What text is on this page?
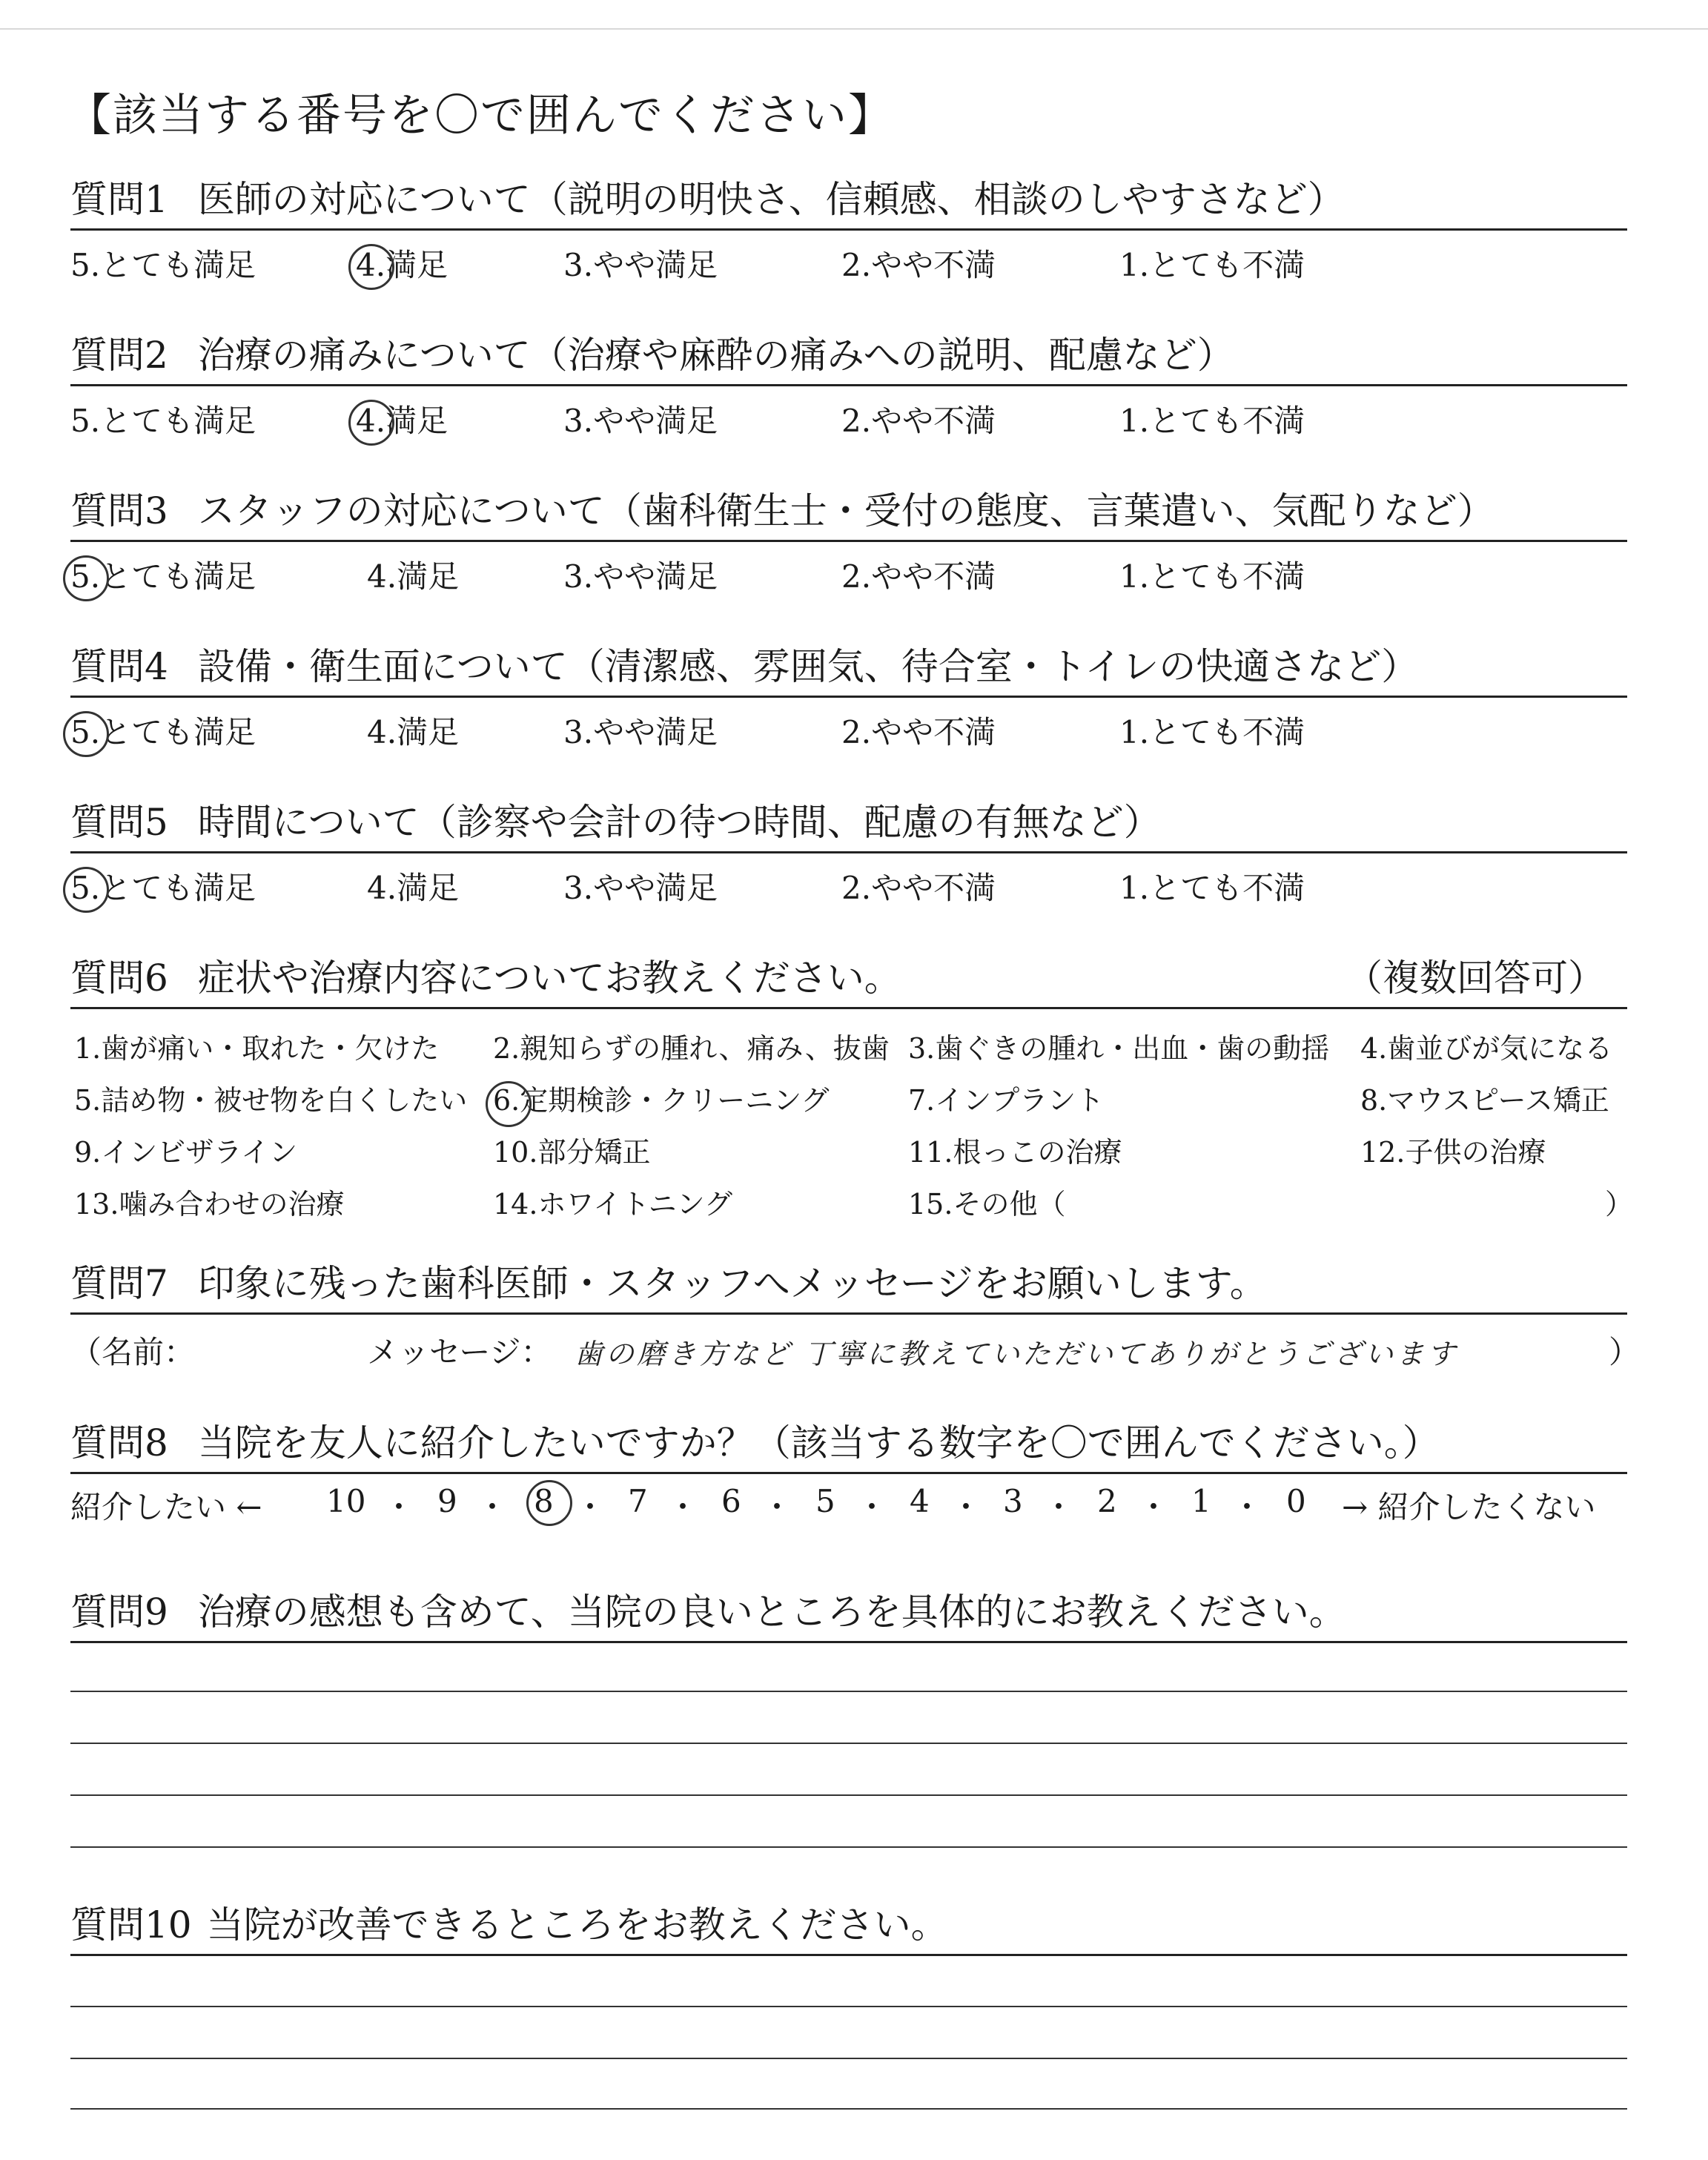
【該当する番号を〇で囲んでください】
質問1 医師の対応について（説明の明快さ、信頼感、相談のしやすさなど）
5.とても満足	4.満足	3.やや満足	2.やや不満	1.とても不満
質問2 治療の痛みについて（治療や麻酔の痛みへの説明、配慮など）
5.とても満足	4.満足	3.やや満足	2.やや不満	1.とても不満
質問3 スタッフの対応について（歯科衛生士・受付の態度、言葉遣い、気配りなど）
5.とても満足	4.満足	3.やや満足	2.やや不満	1.とても不満
質問4 設備・衛生面について（清潔感、雰囲気、待合室・トイレの快適さなど）
5.とても満足	4.満足	3.やや満足	2.やや不満	1.とても不満
質問5 時間について（診察や会計の待つ時間、配慮の有無など）
5.とても満足	4.満足	3.やや満足	2.やや不満	1.とても不満
質問6 症状や治療内容についてお教えください。	（複数回答可）
1.歯が痛い・取れた・欠けた 2.親知らずの腫れ、痛み、抜歯 3.歯ぐきの腫れ・出血・歯の動揺 4.歯並びが気になる
5.詰め物・被せ物を白くしたい 6.定期検診・クリーニング	7.インプラント	8.マウスピース矯正
9.インビザライン	10.部分矯正	11.根っこの治療	12.子供の治療
13.噛み合わせの治療	14.ホワイトニング	15.その他（	）
質問7 印象に残った歯科医師・スタッフへメッセージをお願いします。
（名前：	メッセージ： 歯の磨き方など 丁寧に教えていただいてありがとうございます	）
質問8 当院を友人に紹介したいですか？（該当する数字を〇で囲んでください。）
紹介したい ← 10 ・ 9 ・ 8 ・ 7 ・ 6 ・ 5 ・ 4 ・ 3 ・ 2 ・ 1 ・ 0 → 紹介したくない
質問9 治療の感想も含めて、当院の良いところを具体的にお教えください。
質問10 当院が改善できるところをお教えください。
